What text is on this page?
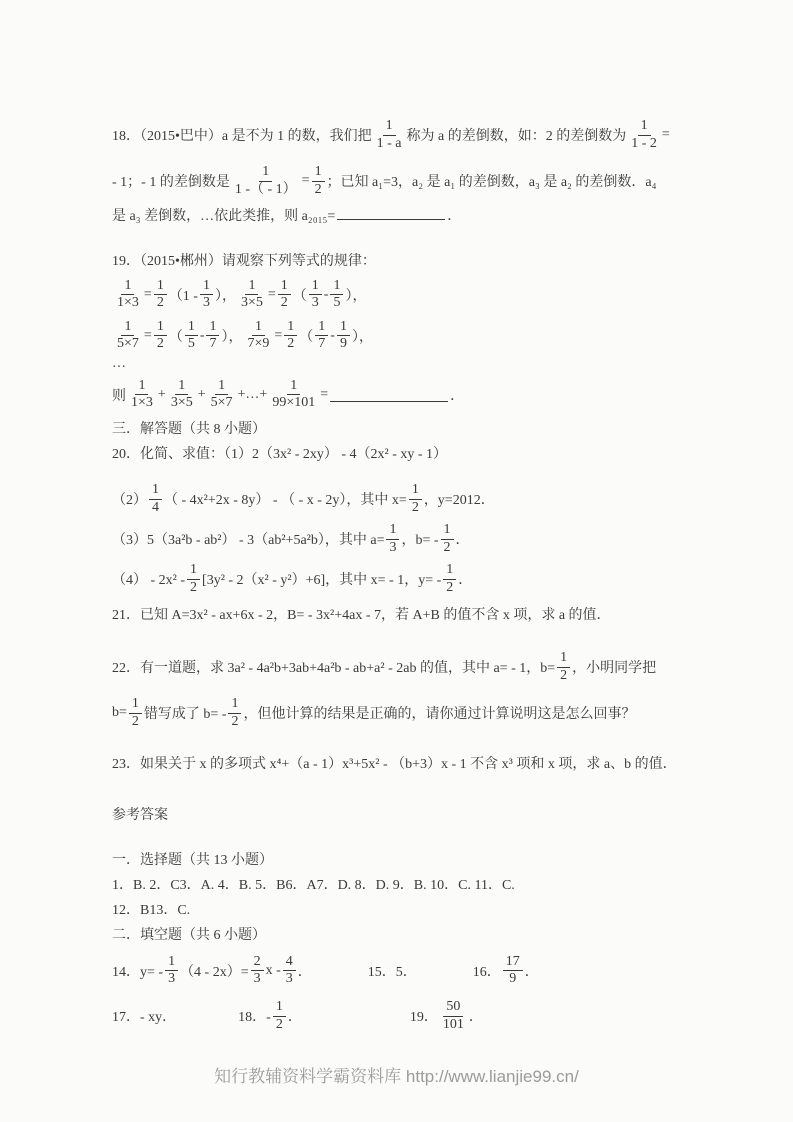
18．（2015•巴中）a 是不为 1 的数，我们把 $\frac{1}{1 - a}$ 称为 a 的差倒数，如：2 的差倒数为 $\frac{1}{1 - 2}$ =
- 1；- 1 的差倒数是 $\frac{1}{1 -( - 1)} = \frac{1}{2}$ ；已知 a₁=3，a₂ 是 a₁ 的差倒数，a₃ 是 a₂ 的差倒数．a₄
是 a₃ 差倒数，…依此类推，则 a₂₀₁₅=	．
19．（2015•郴州）请观察下列等式的规律：
$\frac{1}{1\times 3} = \frac{1}{2} (1 - \frac{1}{3}$ ）， $\frac{1}{3\times 5} = \frac{1}{2}$ （ $\frac{1}{3} - \frac{1}{5}$ ），
$\frac{1}{5\times 7} = \frac{1}{2}$ （ $\frac{1}{5} - \frac{1}{7}$ ）， $\frac{1}{7\times 9} = \frac{1}{2}$ （ $\frac{1}{7} - \frac{1}{9}$ ），
…
则 $\frac{1}{1\times 3} + \frac{1}{3\times 5} + \frac{1}{5\times 7}$ +…+ $\frac{1}{99\times 101}$ =	．
三．解答题（共 8 小题）
20．化简、求值：（1）2（3x² - 2xy） - 4（2x² - xy - 1）
$(2) \frac{1}{4}$ （ - 4x²+2x - 8y） - （ - x - 2y），其中 $x= \frac{1}{2}$ ，y=2012．
（3）5（3a²b - ab²） - 3（ab²+5a²b），其中 $a= \frac{1}{3}$ ，$b= - \frac{1}{2}$ ．
$(4) - 2x^2 - \frac{1}{2} [3y^2 - 2(x^2 - y^2)+6]$，其中 x= - 1，$y= - \frac{1}{2}$ ．
21．已知 A=3x² - ax+6x - 2，B= - 3x²+4ax - 7，若 A+B 的值不含 x 项，求 a 的值．
22．有一道题，求 3a² - 4a²b+3ab+4a²b - ab+a² - 2ab 的值，其中 a= - 1，$b= \frac{1}{2}$ ，小明同学把
$b= \frac{1}{2}$ 错写成了 $b= - \frac{1}{2}$ ，但他计算的结果是正确的，请你通过计算说明这是怎么回事？
23．如果关于 x 的多项式 x⁴+（a - 1）x³+5x² - （b+3）x - 1 不含 x³ 项和 x 项，求 a、b 的值．
参考答案
一．选择题（共 13 小题）
1．B. 2．C3．A. 4．B. 5．B6．A7．D. 8．D. 9．B. 10．C. 11．C.
12．B13．C.
二．填空题（共 6 小题）
14．$y= - \frac{1}{3} (4 - 2x)= \frac{2}{3}$ x - $\frac{4}{3}$ ．	15．5．	16． $\frac{17}{9}$ ．
17．- xy．	18．- $\frac{1}{2}$ ．	19． $\frac{50}{101}$ ．
知行教辅资料学霸资料库 http://www.lianjie99.cn/
